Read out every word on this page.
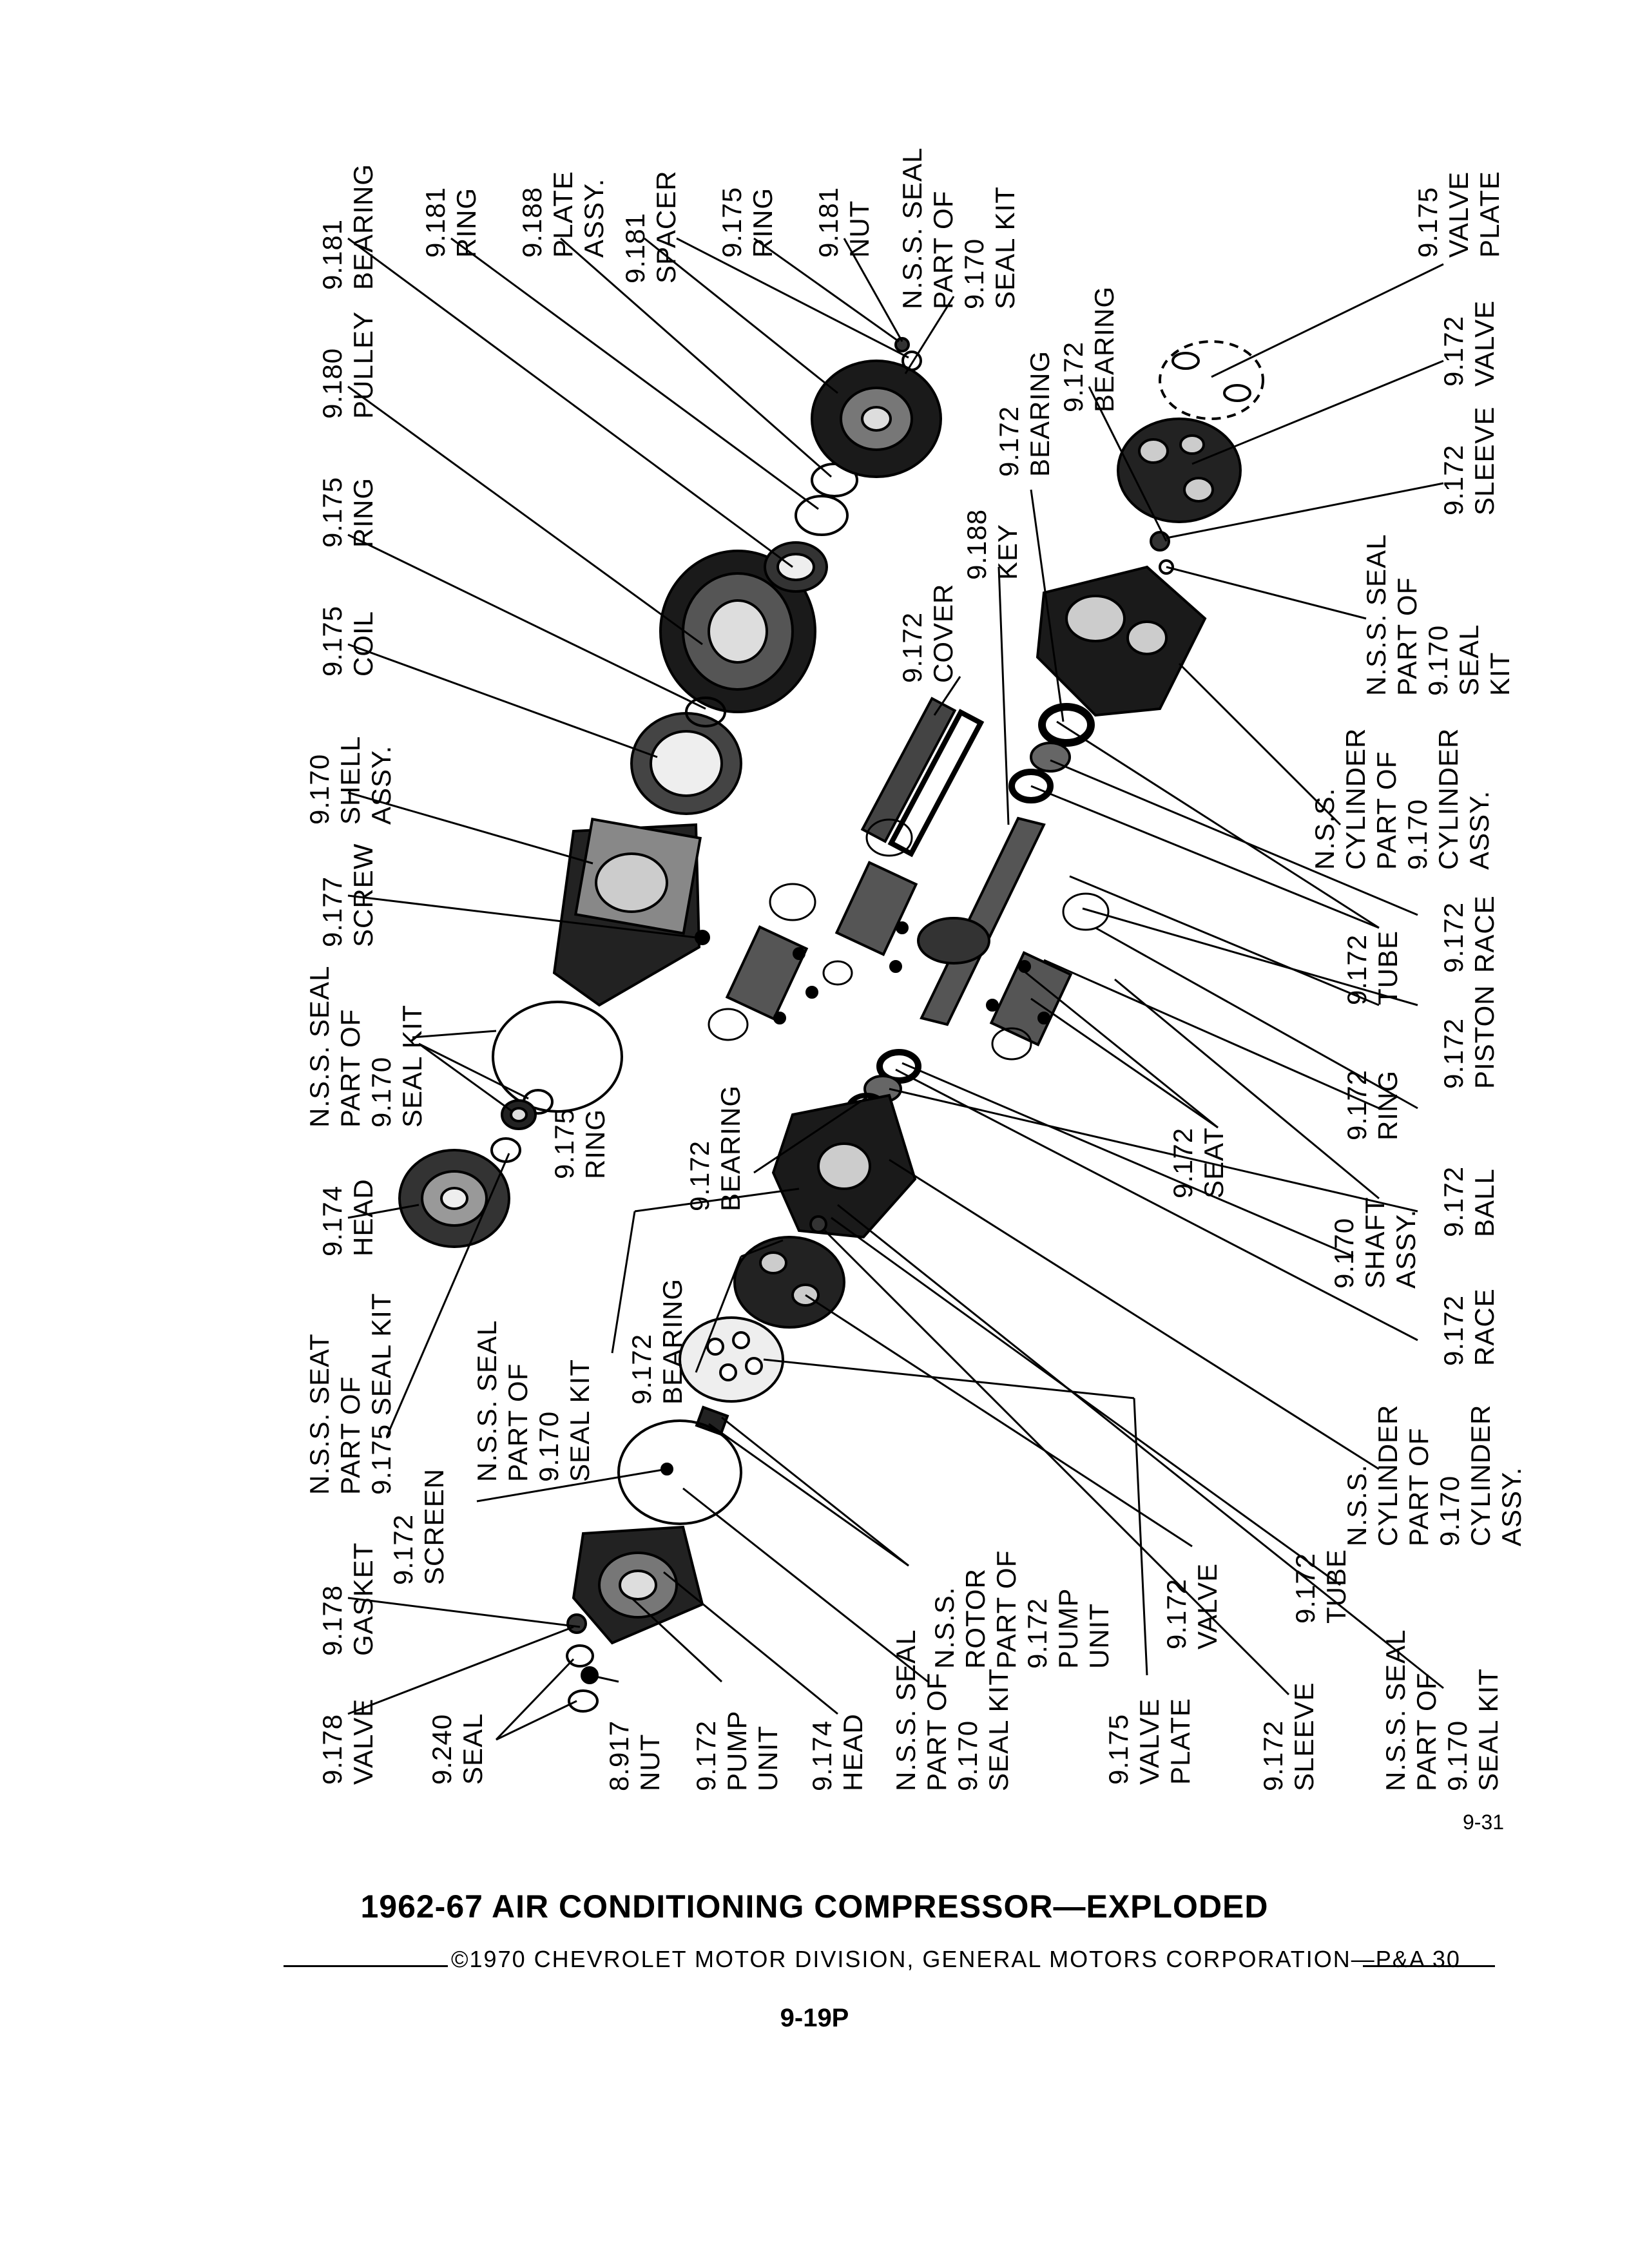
9.181 BEARING
9.180 PULLEY
9.175 RING
9.175 COIL
9.170 SHELL ASSY.
9.177 SCREW
N.S.S. SEAL PART OF 9.170 SEAL KIT
9.174 HEAD
N.S.S. SEAT PART OF 9.175 SEAL KIT
9.178 GASKET
9.178 VALVE
9.181 RING 9.188 PLATE ASSY. 9.181 SPACER 9.175 RING 9.181 NUT N.S.S. SEAL PART OF 9.170 SEAL KIT	9.175 VALVE PLATE
9.172 BEARING
9.172 BEARING	9.172 VALVE
9.172 SLEEVE
9.188 KEY
9.172 COVER	N.S.S. SEAL PART OF 9.170 SEAL KIT
9.175 RING	9.172 BEARING	9.172 SEAT
N.S.S. SEAL PART OF 9.170 SEAL KIT 9.172 BEARING
9.172 SCREEN
N.S.S. CYLINDER PART OF 9.170 CYLINDER ASSY.
9.172 TUBE 9.172 RACE
9.172 PISTON
9.172 RING
9.170 SHAFT ASSY.
9.172 BALL
9.172 RACE
9.240 SEAL	8.917 NUT 9.172 PUMP UNIT 9.174 HEAD N.S.S. SEAL PART OF 9.170 SEAL KIT
N.S.S. ROTOR PART OF 9.172 PUMP UNIT 9.172 VALVE
9.175 VALVE PLATE
9.172 TUBE
9.172 SLEEVE
N.S.S. CYLINDER PART OF 9.170 CYLINDER ASSY.
N.S.S. SEAL PART OF 9.170 SEAL KIT
9-31
1962-67 AIR CONDITIONING COMPRESSOR—EXPLODED
©1970 CHEVROLET MOTOR DIVISION, GENERAL MOTORS CORPORATION—P&A 30
9-19P
